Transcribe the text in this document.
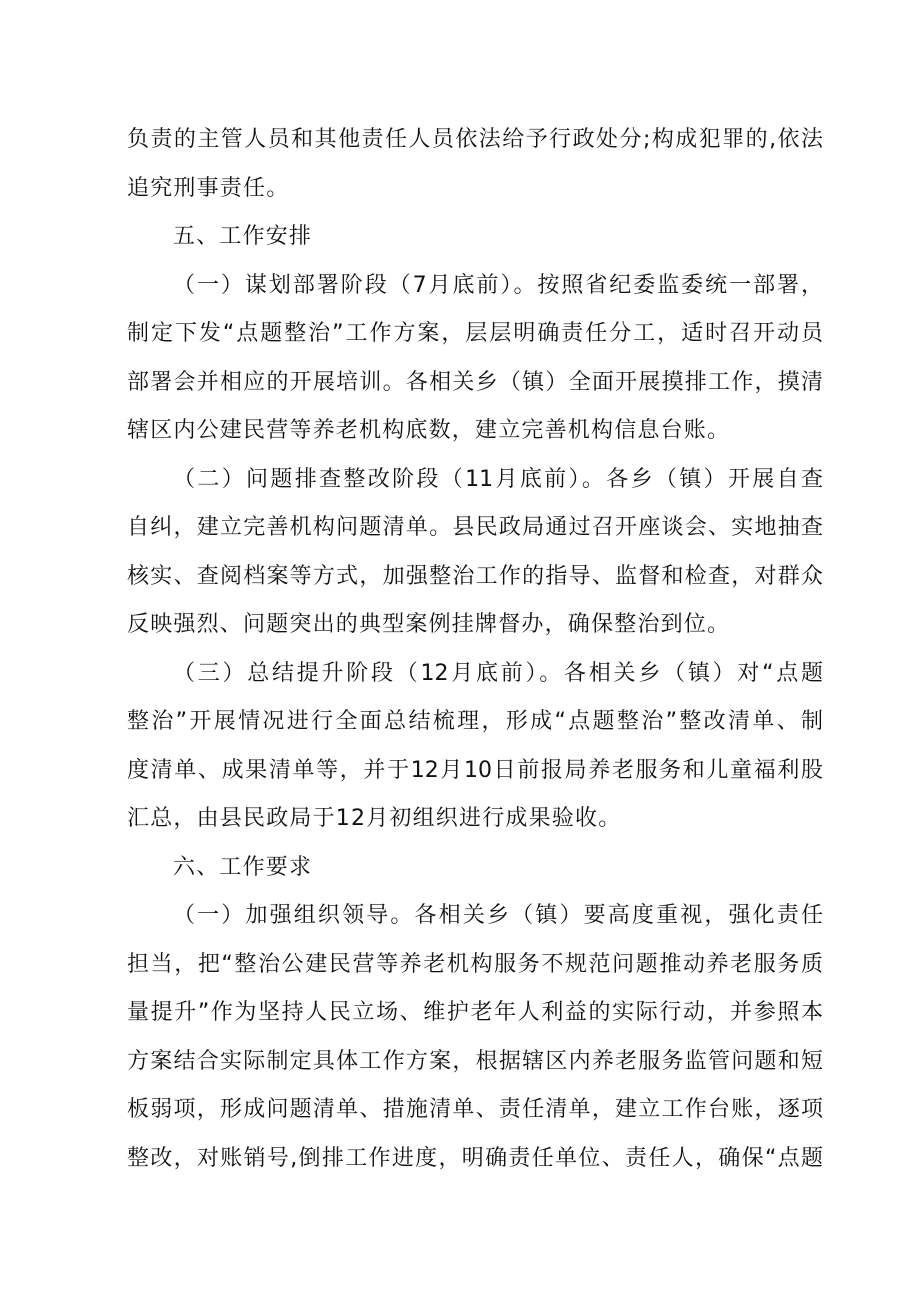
负责的主管人员和其他责任人员依法给予行政处分;构成犯罪的,依法
追究刑事责任。
五、工作安排
（一）谋划部署阶段（7月底前）。按照省纪委监委统一部署，
制定下发“点题整治”工作方案，层层明确责任分工，适时召开动员
部署会并相应的开展培训。各相关乡（镇）全面开展摸排工作，摸清
辖区内公建民营等养老机构底数，建立完善机构信息台账。
（二）问题排查整改阶段（11月底前）。各乡（镇）开展自查
自纠，建立完善机构问题清单。县民政局通过召开座谈会、实地抽查
核实、查阅档案等方式，加强整治工作的指导、监督和检查，对群众
反映强烈、问题突出的典型案例挂牌督办，确保整治到位。
（三）总结提升阶段（12月底前）。各相关乡（镇）对“点题
整治”开展情况进行全面总结梳理，形成“点题整治”整改清单、制
度清单、成果清单等，并于12月10日前报局养老服务和儿童福利股
汇总，由县民政局于12月初组织进行成果验收。
六、工作要求
（一）加强组织领导。各相关乡（镇）要高度重视，强化责任
担当，把“整治公建民营等养老机构服务不规范问题推动养老服务质
量提升”作为坚持人民立场、维护老年人利益的实际行动，并参照本
方案结合实际制定具体工作方案，根据辖区内养老服务监管问题和短
板弱项，形成问题清单、措施清单、责任清单，建立工作台账，逐项
整改，对账销号,倒排工作进度，明确责任单位、责任人，确保“点题
